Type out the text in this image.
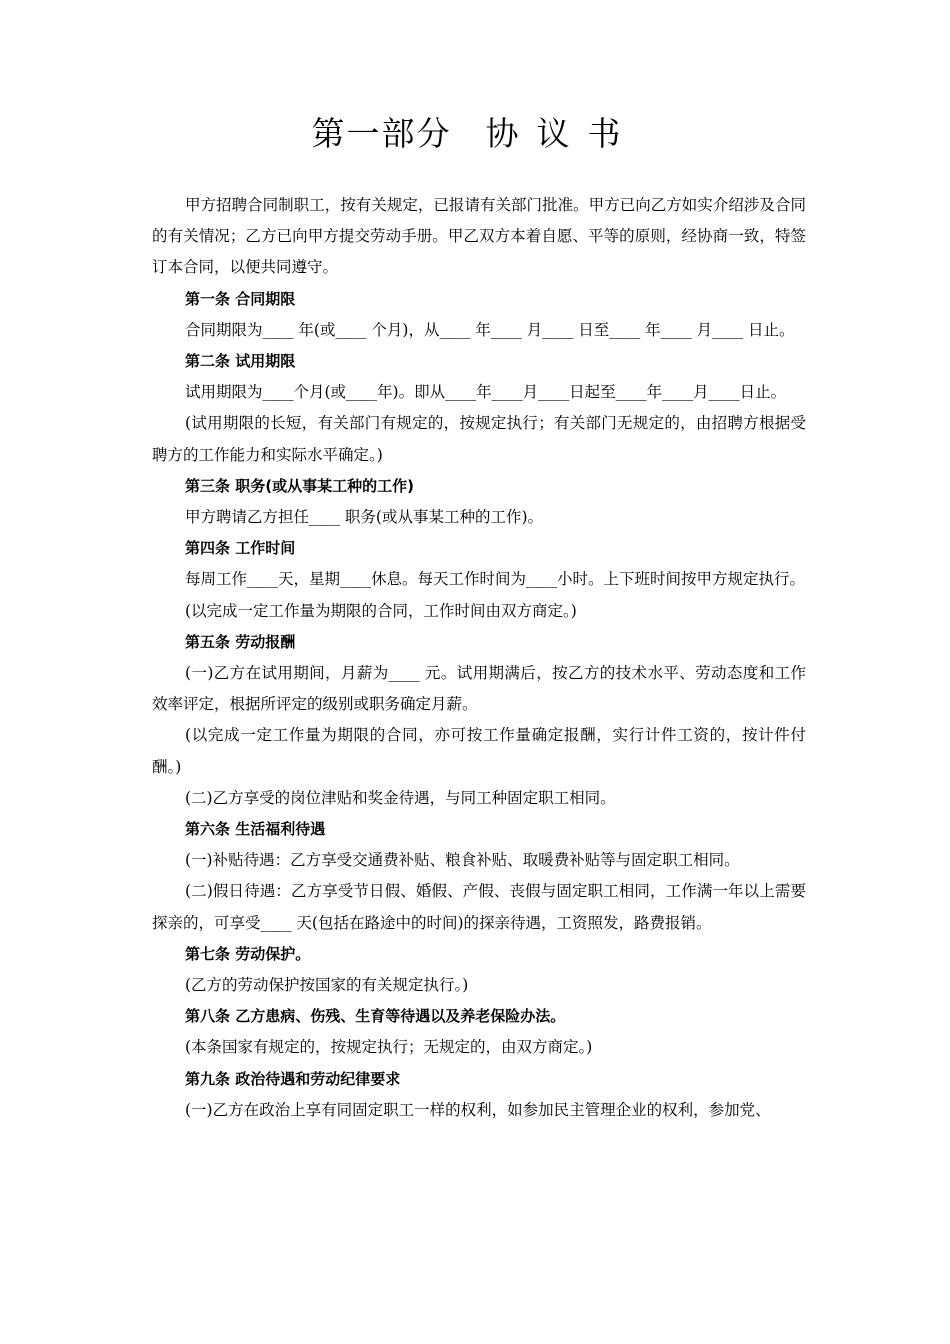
第一部分 协议书

甲方招聘合同制职工，按有关规定，已报请有关部门批准。甲方已向乙方如实介绍涉及合同的有关情况；乙方已向甲方提交劳动手册。甲乙双方本着自愿、平等的原则，经协商一致，特签订本合同，以便共同遵守。

第一条 合同期限

合同期限为____ 年(或____ 个月)，从____ 年____ 月____ 日至____ 年____ 月____ 日止。

第二条 试用期限

试用期限为____个月(或____年)。即从____年____月____日起至____年____月____日止。

(试用期限的长短，有关部门有规定的，按规定执行；有关部门无规定的，由招聘方根据受聘方的工作能力和实际水平确定。)

第三条 职务(或从事某工种的工作)

甲方聘请乙方担任____ 职务(或从事某工种的工作)。

第四条 工作时间

每周工作____天，星期____休息。每天工作时间为____小时。上下班时间按甲方规定执行。

(以完成一定工作量为期限的合同，工作时间由双方商定。)

第五条 劳动报酬

(一)乙方在试用期间，月薪为____ 元。试用期满后，按乙方的技术水平、劳动态度和工作效率评定，根据所评定的级别或职务确定月薪。

(以完成一定工作量为期限的合同，亦可按工作量确定报酬，实行计件工资的，按计件付酬。)

(二)乙方享受的岗位津贴和奖金待遇，与同工种固定职工相同。

第六条 生活福利待遇

(一)补贴待遇：乙方享受交通费补贴、粮食补贴、取暖费补贴等与固定职工相同。

(二)假日待遇：乙方享受节日假、婚假、产假、丧假与固定职工相同，工作满一年以上需要探亲的，可享受____ 天(包括在路途中的时间)的探亲待遇，工资照发，路费报销。

第七条 劳动保护。

(乙方的劳动保护按国家的有关规定执行。)

第八条 乙方患病、伤残、生育等待遇以及养老保险办法。

(本条国家有规定的，按规定执行；无规定的，由双方商定。)

第九条 政治待遇和劳动纪律要求

(一)乙方在政治上享有同固定职工一样的权利，如参加民主管理企业的权利，参加党、
